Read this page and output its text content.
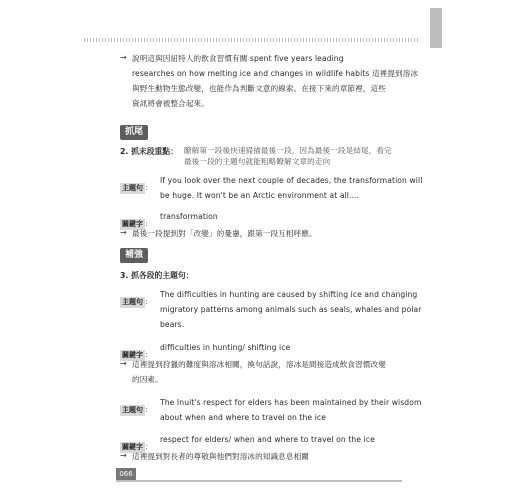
→ 說明這與因紐特人的飲食習慣有關 spent five years leading
researches on how melting ice and changes in wildlife habits 這裡提到溶冰
與野生動物生態改變，也能作為判斷文意的線索。在接下來的章節裡，這些
資訊將會被整合起來。
抓尾
2. 抓末段重點： 瞭解第一段後快速掃描最後一段，因為最後一段是結尾，看完
最後一段的主題句就能粗略瞭解文章的走向
主題句 ：
If you look over the next couple of decades, the transformation will
be huge. It won't be an Arctic environment at all....
關鍵字 ：
transformation
→ 最後一段提到對「改變」的憂慮，跟第一段互相呼應。
補強
3. 抓各段的主題句：
主題句 ：
The difficulties in hunting are caused by shifting ice and changing
migratory patterns among animals such as seals, whales and polar
bears.
關鍵字 ：
difficulties in hunting/ shifting ice
→ 這裡提到狩獵的難度與溶冰相關，換句話說，溶冰是間接造成飲食習慣改變
的因素。
主題句 ：
The Inuit's respect for elders has been maintained by their wisdom
about when and where to travel on the ice
關鍵字 ：
respect for elders/ when and where to travel on the ice
→ 這裡提到對長者的尊敬與他們對溶冰的知識息息相關
066
